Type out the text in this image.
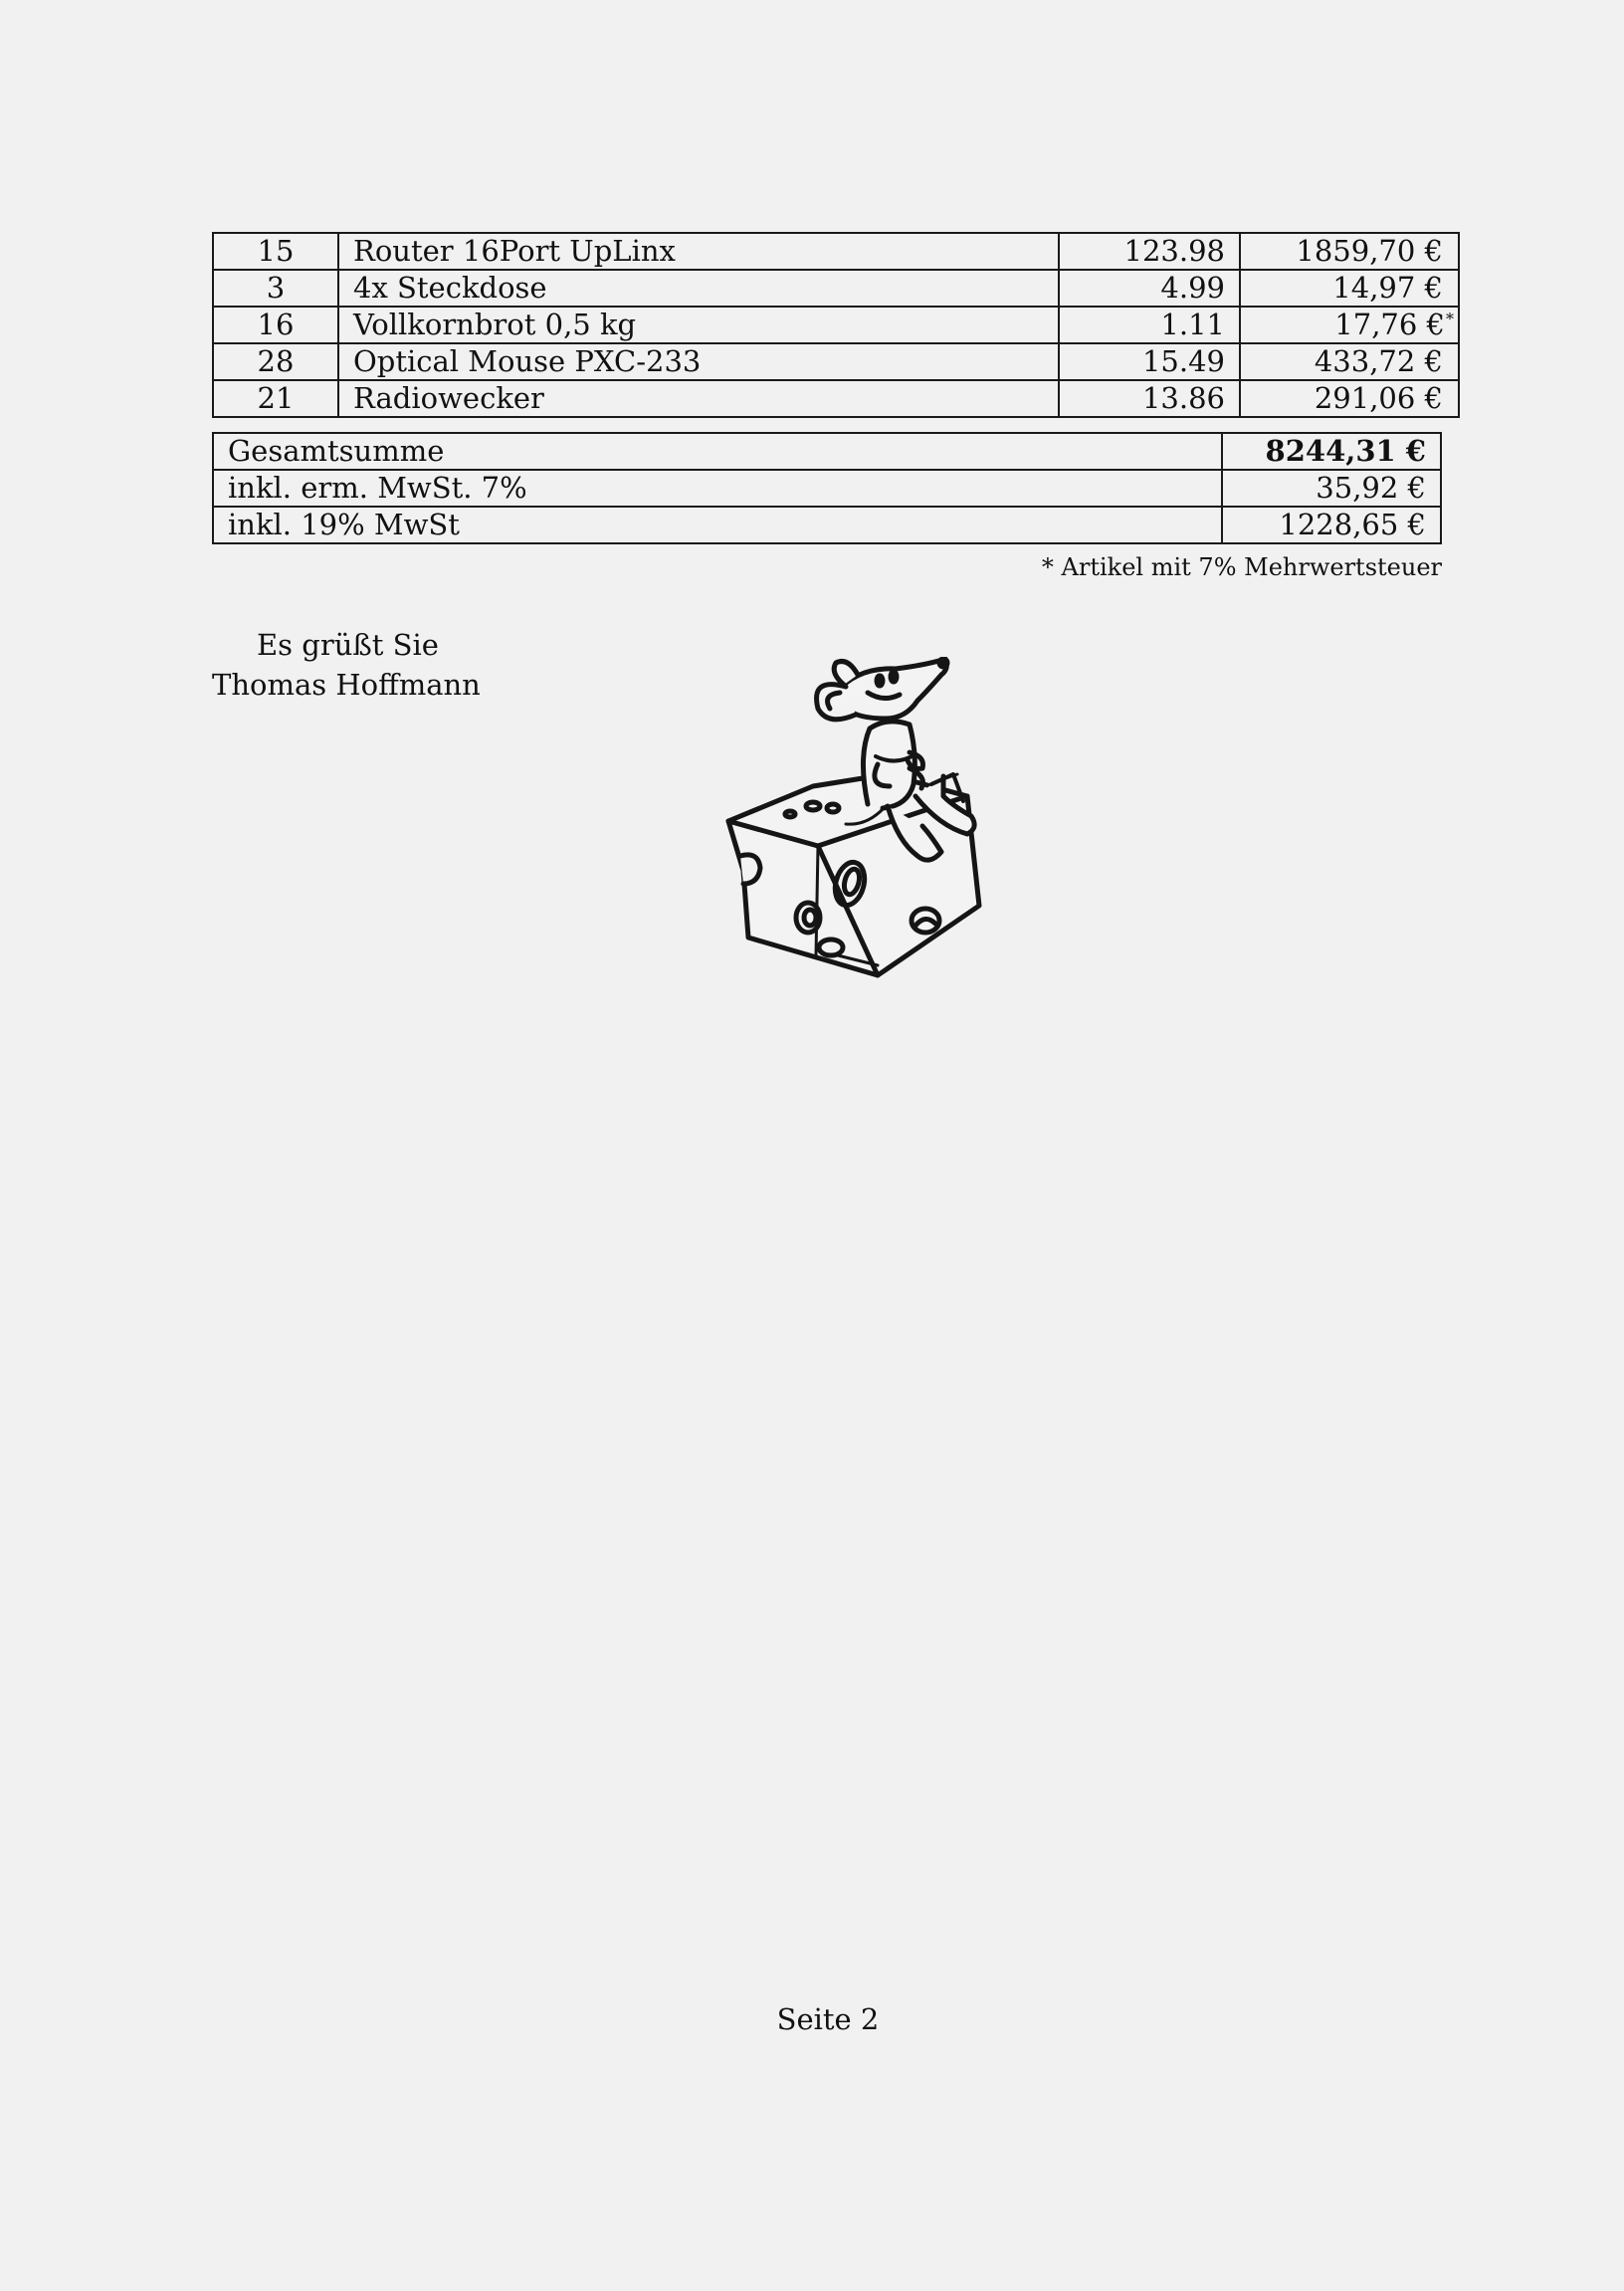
15	Router 16Port UpLinx	123.98	1859,70 €
3	4x Steckdose	4.99	14,97 €
16	Vollkornbrot 0,5 kg	1.11	17,76 €*
28	Optical Mouse PXC-233	15.49	433,72 €
21	Radiowecker	13.86	291,06 €
Gesamtsumme	8244,31 €
inkl. erm. MwSt. 7%	35,92 €
inkl. 19% MwSt	1228,65 €
* Artikel mit 7% Mehrwertsteuer
Es grüßt Sie
Thomas Hoffmann
Seite 2
